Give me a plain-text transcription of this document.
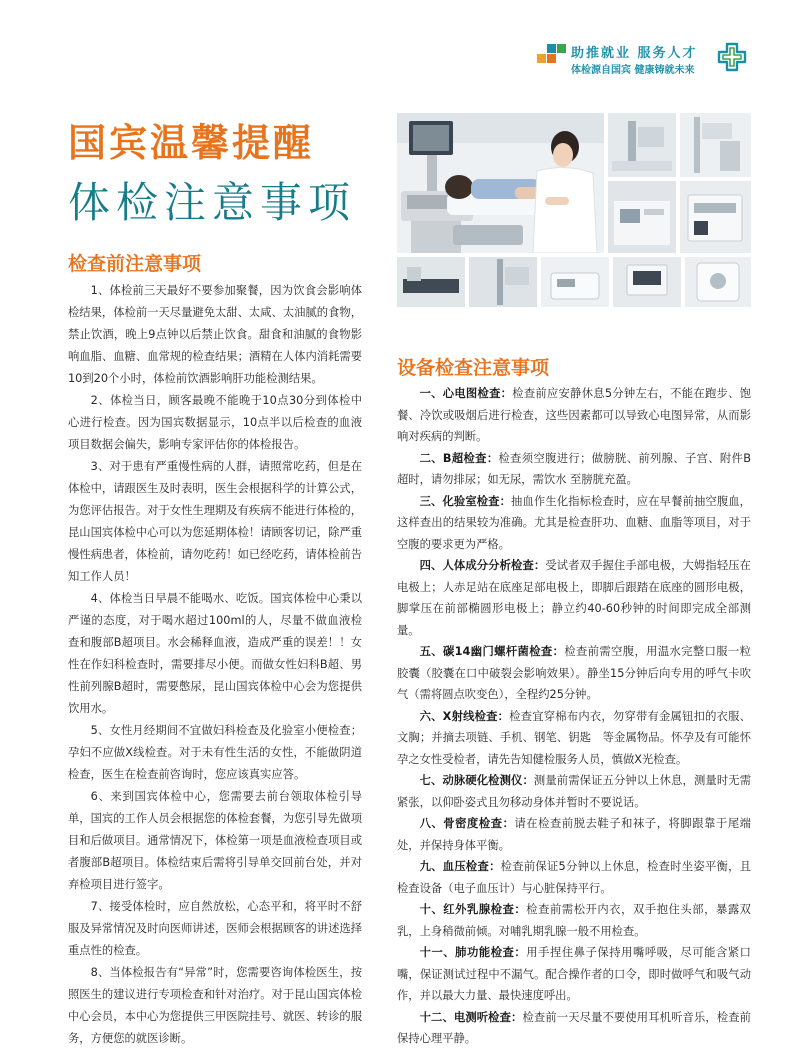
助推就业 服务人才
体检源自国宾 健康铸就未来
国宾温馨提醒
体检注意事项
检查前注意事项

1、体检前三天最好不要参加聚餐，因为饮食会影响体检结果，体检前一天尽量避免太甜、太咸、太油腻的食物，禁止饮酒，晚上9点钟以后禁止饮食。甜食和油腻的食物影响血脂、血糖、血常规的检查结果；酒精在人体内消耗需要10到20个小时，体检前饮酒影响肝功能检测结果。

2、体检当日，顾客最晚不能晚于10点30分到体检中心进行检查。因为国宾数据显示，10点半以后检查的血液项目数据会偏失，影响专家评估你的体检报告。

3、对于患有严重慢性病的人群，请照常吃药，但是在体检中，请跟医生及时表明，医生会根据科学的计算公式，为您评估报告。对于女性生理期及有疾病不能进行体检的，昆山国宾体检中心可以为您延期体检！请顾客切记，除严重慢性病患者，体检前，请勿吃药！如已经吃药，请体检前告知工作人员！

4、体检当日早晨不能喝水、吃饭。国宾体检中心秉以严谨的态度，对于喝水超过100ml的人，尽量不做血液检查和腹部B超项目。水会稀释血液，造成严重的误差！！女性在作妇科检查时，需要排尽小便。而做女性妇科B超、男性前列腺B超时，需要憋尿，昆山国宾体检中心会为您提供饮用水。

5、女性月经期间不宜做妇科检查及化验室小便检查；孕妇不应做X线检查。对于未有性生活的女性，不能做阴道检查，医生在检查前咨询时，您应该真实应答。

6、来到国宾体检中心，您需要去前台领取体检引导单，国宾的工作人员会根据您的体检套餐，为您引导先做项目和后做项目。通常情况下，体检第一项是血液检查项目或者腹部B超项目。体检结束后需将引导单交回前台处，并对弃检项目进行签字。

7、接受体检时，应自然放松，心态平和，将平时不舒服及异常情况及时向医师讲述，医师会根据顾客的讲述选择重点性的检查。

8、当体检报告有“异常”时，您需要咨询体检医生，按照医生的建议进行专项检查和针对治疗。对于昆山国宾体检中心会员，本中心为您提供三甲医院挂号、就医、转诊的服务，方便您的就医诊断。

设备检查注意事项

一、心电图检查：检查前应安静休息5分钟左右，不能在跑步、饱餐、冷饮或吸烟后进行检查，这些因素都可以导致心电图异常，从而影响对疾病的判断。

二、B超检查：检查须空腹进行；做膀胱、前列腺、子宫、附件B超时，请勿排尿；如无尿，需饮水 至膀胱充盈。

三、化验室检查：抽血作生化指标检查时，应在早餐前抽空腹血，这样查出的结果较为准确。尤其是检查肝功、血糖、血脂等项目，对于空腹的要求更为严格。

四、人体成分分析检查：受试者双手握住手部电极，大姆指轻压在电极上；人赤足站在底座足部电极上，即脚后跟踏在底座的圆形电极，脚掌压在前部椭圆形电极上；静立约40-60秒钟的时间即完成全部测量。

五、碳14幽门螺杆菌检查：检查前需空腹，用温水完整口服一粒胶囊（胶囊在口中破裂会影响效果）。静坐15分钟后向专用的呼气卡吹气（需将圆点吹变色），全程约25分钟。

六、X射线检查：检查宜穿棉布内衣，勿穿带有金属钮扣的衣服、文胸；并摘去项链、手机、钢笔、钥匙　等金属物品。怀孕及有可能怀孕之女性受检者，请先告知健检服务人员，慎做X光检查。

七、动脉硬化检测仪：测量前需保证五分钟以上休息，测量时无需紧张，以仰卧姿式且勿移动身体并暂时不要说话。

八、骨密度检查：请在检查前脱去鞋子和袜子，将脚跟靠于尾端处，并保持身体平衡。

九、血压检查：检查前保证5分钟以上休息，检查时坐姿平衡，且检查设备（电子血压计）与心脏保持平行。

十、红外乳腺检查：检查前需松开内衣，双手抱住头部，暴露双乳，上身稍微前倾。对哺乳期乳腺一般不用检查。

十一、肺功能检查：用手捏住鼻子保持用嘴呼吸，尽可能含紧口嘴，保证测试过程中不漏气。配合操作者的口令，即时做呼气和吸气动作，并以最大力量、最快速度呼出。

十二、电测听检查：检查前一天尽量不要使用耳机听音乐，检查前保持心理平静。
